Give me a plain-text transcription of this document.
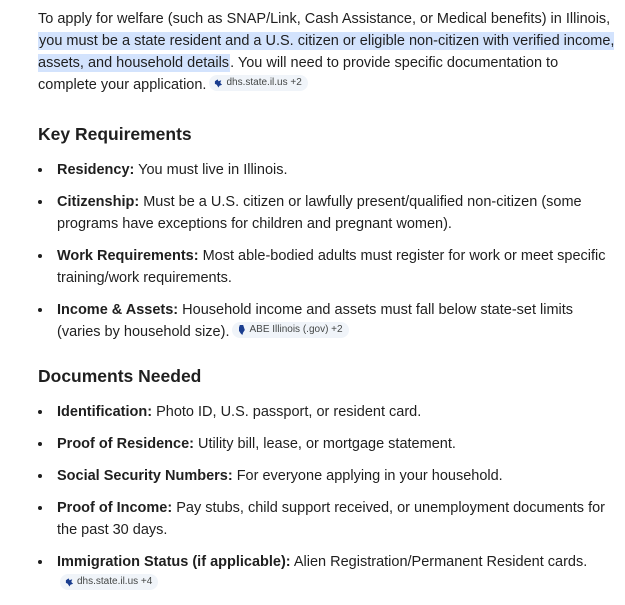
To apply for welfare (such as SNAP/Link, Cash Assistance, or Medical benefits) in Illinois, you must be a state resident and a U.S. citizen or eligible non-citizen with verified income, assets, and household details. You will need to provide specific documentation to complete your application. dhs.state.il.us +2

Key Requirements
Residency: You must live in Illinois.
Citizenship: Must be a U.S. citizen or lawfully present/qualified non-citizen (some programs have exceptions for children and pregnant women).
Work Requirements: Most able-bodied adults must register for work or meet specific training/work requirements.
Income & Assets: Household income and assets must fall below state-set limits (varies by household size). ABE Illinois (.gov) +2
Documents Needed
Identification: Photo ID, U.S. passport, or resident card.
Proof of Residence: Utility bill, lease, or mortgage statement.
Social Security Numbers: For everyone applying in your household.
Proof of Income: Pay stubs, child support received, or unemployment documents for the past 30 days.
Immigration Status (if applicable): Alien Registration/Permanent Resident cards.
dhs.state.il.us +4
